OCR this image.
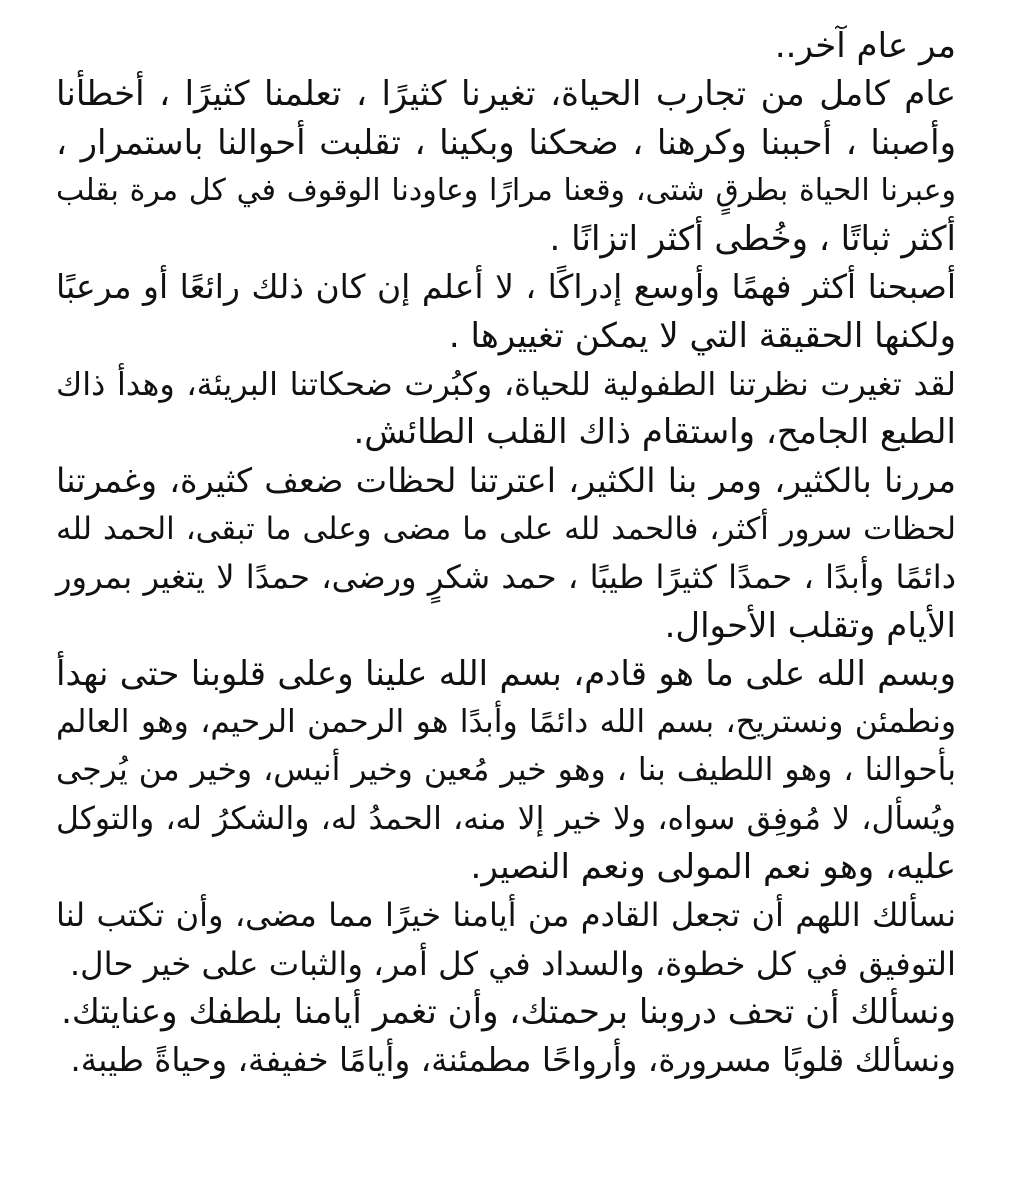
مر عام آخر..
عام كامل من تجارب الحياة، تغيرنا كثيرًا ، تعلمنا كثيرًا ، أخطأنا
وأصبنا ، أحببنا وكرهنا ، ضحكنا وبكينا ، تقلبت أحوالنا باستمرار ،
وعبرنا الحياة بطرقٍ شتى، وقعنا مرارًا وعاودنا الوقوف في كل مرة بقلب
أكثر ثباتًا ، وخُطى أكثر اتزانًا .
أصبحنا أكثر فهمًا وأوسع إدراكًا ، لا أعلم إن كان ذلك رائعًا أو مرعبًا
ولكنها الحقيقة التي لا يمكن تغييرها .
لقد تغيرت نظرتنا الطفولية للحياة، وكبُرت ضحكاتنا البريئة، وهدأ ذاك
الطبع الجامح، واستقام ذاك القلب الطائش.
مررنا بالكثير، ومر بنا الكثير، اعترتنا لحظات ضعف كثيرة، وغمرتنا
لحظات سرور أكثر، فالحمد لله على ما مضى وعلى ما تبقى، الحمد لله
دائمًا وأبدًا ، حمدًا كثيرًا طيبًا ، حمد شكرٍ ورضى، حمدًا لا يتغير بمرور
الأيام وتقلب الأحوال.
وبسم الله على ما هو قادم، بسم الله علينا وعلى قلوبنا حتى نهدأ
ونطمئن ونستريح، بسم الله دائمًا وأبدًا هو الرحمن الرحيم، وهو العالم
بأحوالنا ، وهو اللطيف بنا ، وهو خير مُعين وخير أنيس، وخير من يُرجى
ويُسأل، لا مُوفِق سواه، ولا خير إلا منه، الحمدُ له، والشكرُ له، والتوكل
عليه، وهو نعم المولى ونعم النصير.
نسألك اللهم أن تجعل القادم من أيامنا خيرًا مما مضى، وأن تكتب لنا
التوفيق في كل خطوة، والسداد في كل أمر، والثبات على خير حال.
ونسألك أن تحف دروبنا برحمتك، وأن تغمر أيامنا بلطفك وعنايتك.
ونسألك قلوبًا مسرورة، وأرواحًا مطمئنة، وأيامًا خفيفة، وحياةً طيبة.
